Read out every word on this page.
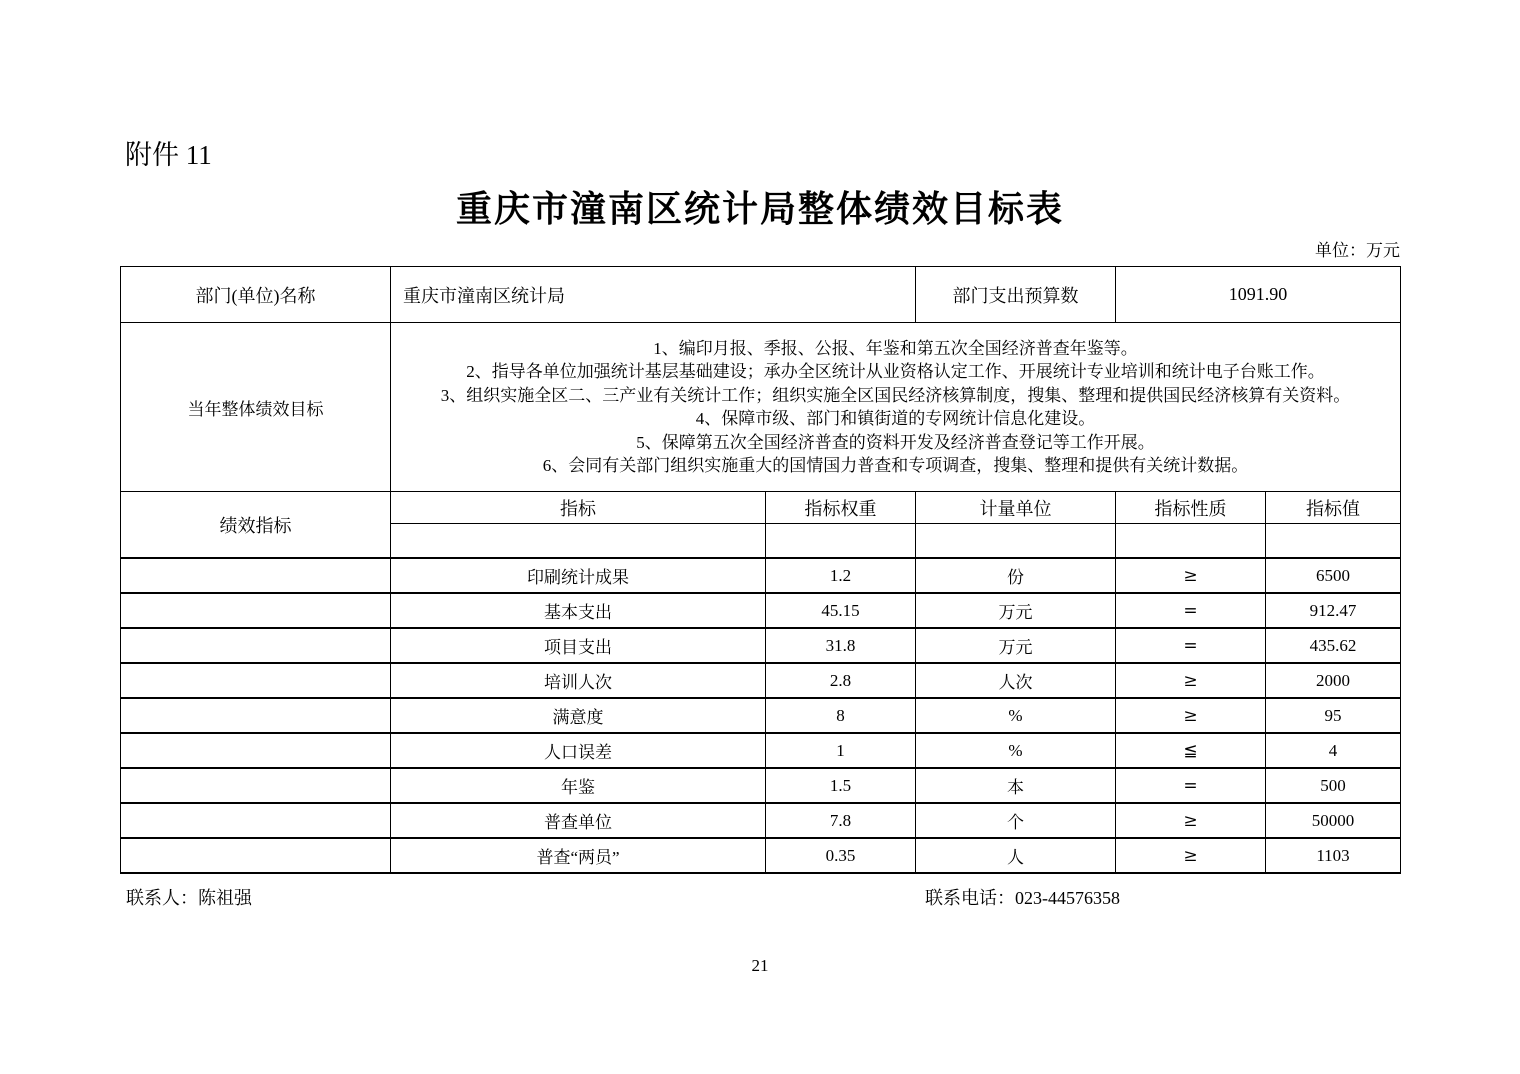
附件 11
重庆市潼南区统计局整体绩效目标表
单位：万元
部门(单位)名称	重庆市潼南区统计局		部门支出预算数	1091.90	
当年整体绩效目标	
1、编印月报、季报、公报、年鉴和第五次全国经济普查年鉴等。
2、指导各单位加强统计基层基础建设；承办全区统计从业资格认定工作、开展统计专业培训和统计电子台账工作。
3、组织实施全区二、三产业有关统计工作；组织实施全区国民经济核算制度，搜集、整理和提供国民经济核算有关资料。
4、保障市级、部门和镇街道的专网统计信息化建设。
5、保障第五次全国经济普查的资料开发及经济普查登记等工作开展。
6、会同有关部门组织实施重大的国情国力普查和专项调查，搜集、整理和提供有关统计数据。

绩效指标	指标	指标权重	计量单位	指标性质	指标值

	印刷统计成果	1.2	份	≥	6500
	基本支出	45.15	万元	=	912.47
	项目支出	31.8	万元	=	435.62
	培训人次	2.8	人次	≥	2000
	满意度	8	%	≥	95
	人口误差	1	%	≦	4
	年鉴	1.5	本	=	500
	普查单位	7.8	个	≥	50000
	普查“两员”	0.35	人	≥	1103
联系人：陈祖强	联系电话：023-44576358
21
